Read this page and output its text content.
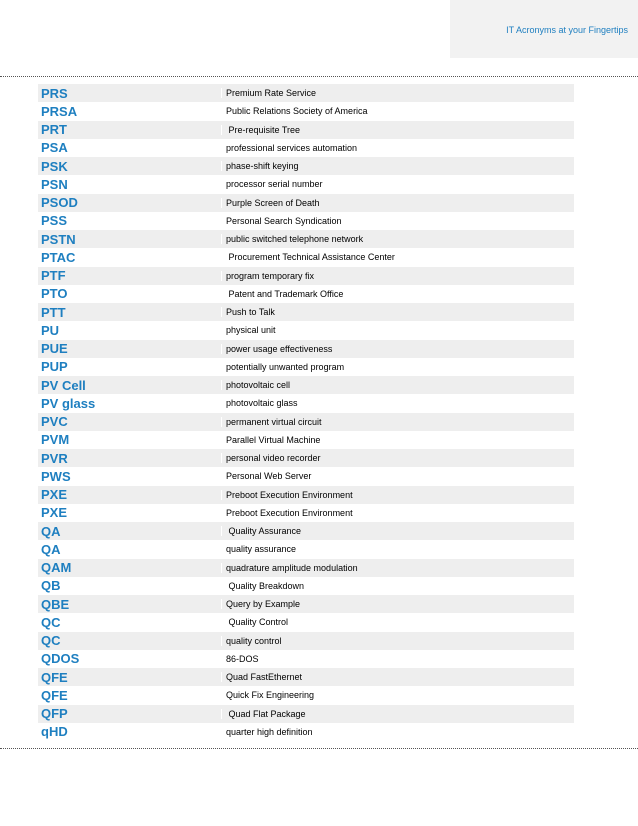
IT Acronyms at your Fingertips
PRS	Premium Rate Service
PRSA	Public Relations Society of America
PRT	Pre-requisite Tree
PSA	professional services automation
PSK	phase-shift keying
PSN	processor serial number
PSOD	Purple Screen of Death
PSS	Personal Search Syndication
PSTN	public switched telephone network
PTAC	Procurement Technical Assistance Center
PTF	program temporary fix
PTO	Patent and Trademark Office
PTT	Push to Talk
PU	physical unit
PUE	power usage effectiveness
PUP	potentially unwanted program
PV Cell	photovoltaic cell
PV glass	photovoltaic glass
PVC	permanent virtual circuit
PVM	Parallel Virtual Machine
PVR	personal video recorder
PWS	Personal Web Server
PXE	Preboot Execution Environment
PXE	Preboot Execution Environment
QA	Quality Assurance
QA	quality assurance
QAM	quadrature amplitude modulation
QB	Quality Breakdown
QBE	Query by Example
QC	Quality Control
QC	quality control
QDOS	86-DOS
QFE	Quad FastEthernet
QFE	Quick Fix Engineering
QFP	Quad Flat Package
qHD	quarter high definition
